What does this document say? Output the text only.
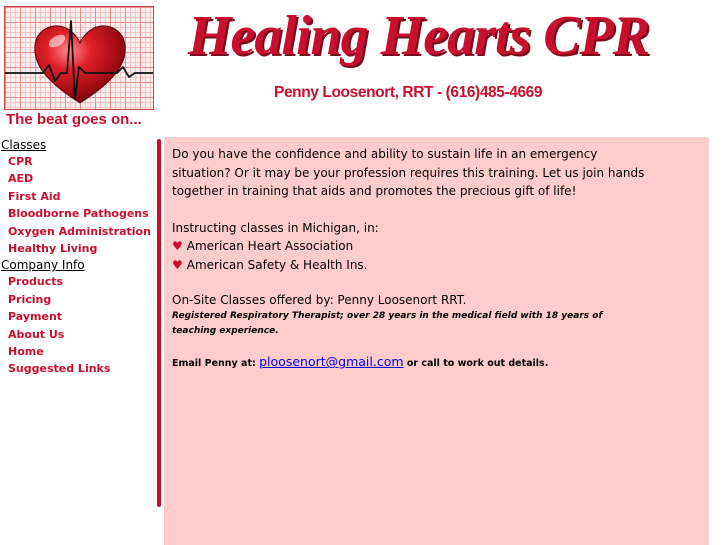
The beat goes on...
Healing Hearts CPR
Penny Loosenort, RRT - (616)485-4669
Classes
CPR
AED
First Aid
Bloodborne Pathogens
Oxygen Administration
Healthy Living
Company Info
Products
Pricing
Payment
About Us
Home
Suggested Links

Do you have the confidence and ability to sustain life in an emergency situation? Or it may be your profession requires this training. Let us join hands together in training that aids and promotes the precious gift of life!

Instructing classes in Michigan, in:

♥ American Heart Association
♥ American Safety & Health Ins.

On-Site Classes offered by: Penny Loosenort RRT.

Registered Respiratory Therapist; over 28 years in the medical field with 18 years of teaching experience.

Email Penny at: ploosenort@gmail.com or call to work out details.
